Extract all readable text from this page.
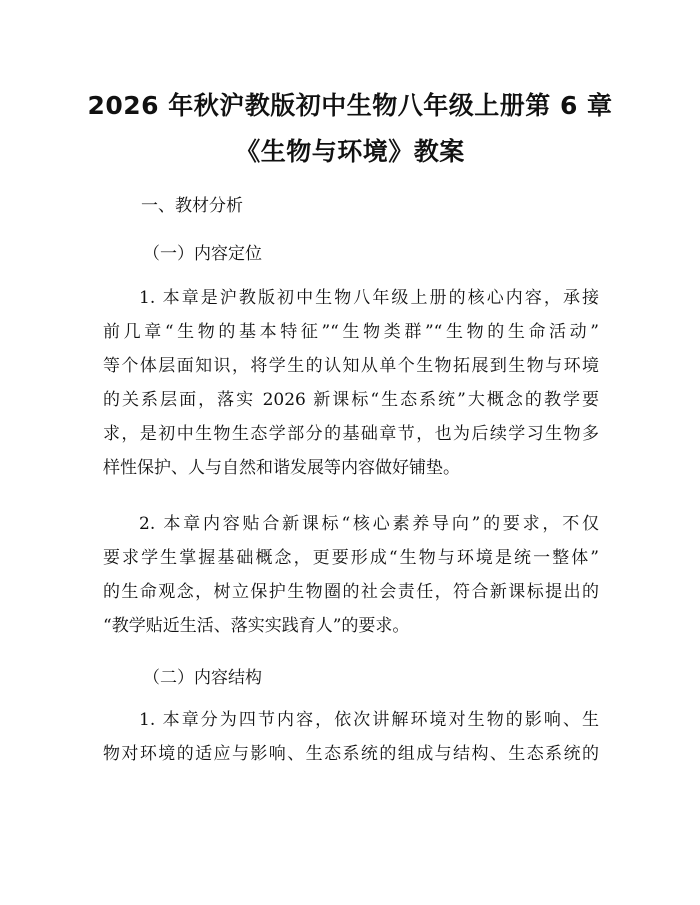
2026 年秋沪教版初中生物八年级上册第 6 章
《生物与环境》教案
一、教材分析
（一）内容定位
1. 本章是沪教版初中生物八年级上册的核心内容，承接
前几章“生物的基本特征”“生物类群”“生物的生命活动”
等个体层面知识，将学生的认知从单个生物拓展到生物与环境
的关系层面，落实 2026 新课标“生态系统”大概念的教学要
求，是初中生物生态学部分的基础章节，也为后续学习生物多
样性保护、人与自然和谐发展等内容做好铺垫。
2. 本章内容贴合新课标“核心素养导向”的要求，不仅
要求学生掌握基础概念，更要形成“生物与环境是统一整体”
的生命观念，树立保护生物圈的社会责任，符合新课标提出的
“教学贴近生活、落实实践育人”的要求。
（二）内容结构
1. 本章分为四节内容，依次讲解环境对生物的影响、生
物对环境的适应与影响、生态系统的组成与结构、生态系统的
